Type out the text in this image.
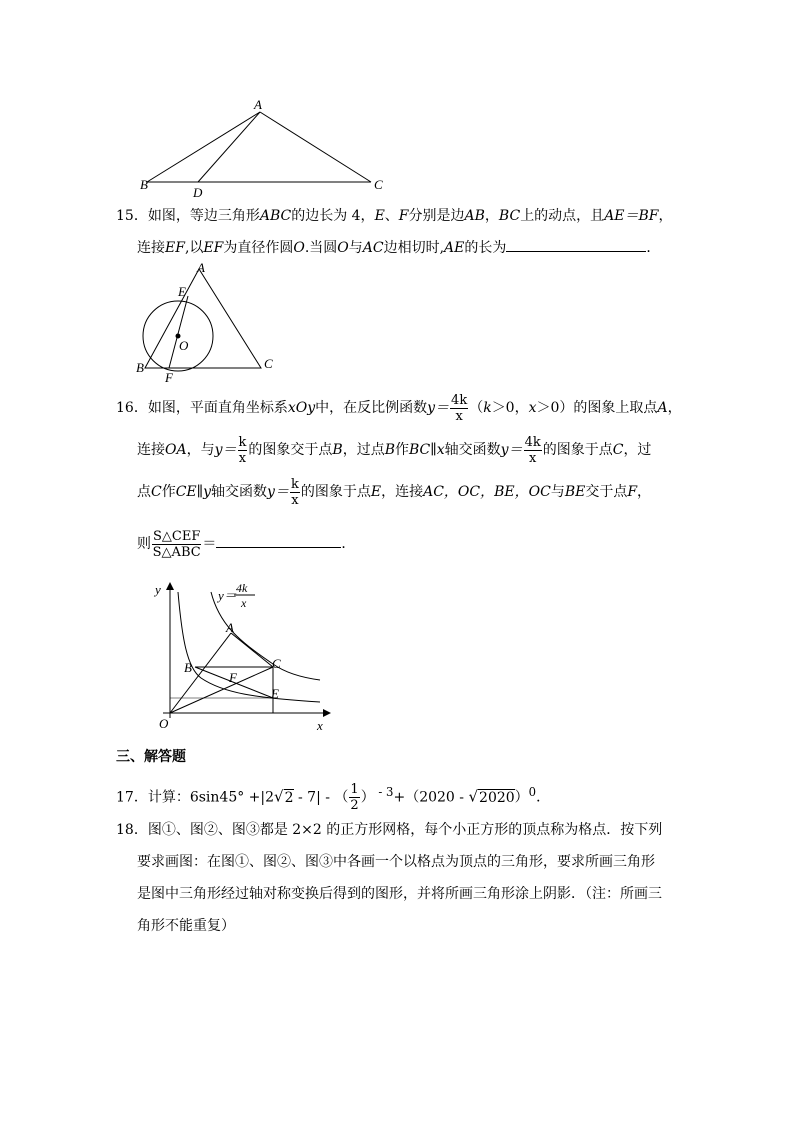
A
B
D
C
15．如图，等边三角形ABC的边长为 4，E、F分别是边AB，BC上的动点，且AE＝BF，
连接EF,以EF为直径作圆O.当圆O与AC边相切时,AE的长为	．
A
E
O
B
F
C
16．如图，平面直角坐标系xOy中，在反比例函数$y= \frac{4k}{x} (k>0$，x＞0）的图象上取点A，
连接OA，与$y= \frac{k}{x}$ 的图象交于点B，过点B作BC∥x轴交函数$y= \frac{4k}{x}$ 的图象于点C，过
点C作CE∥y轴交函数$y= \frac{k}{x}$ 的图象于点E，连接AC，OC，BE，OC与BE交于点F，
则 $\frac{\text{S△CEF}}{\text{S△ABC}}$ ＝	．
y
x
O
A
B	C
E
F
y＝ 4k
x
三、解答题
17．计算：6sin45° +|2√2 - 7| - （ $\frac{1}{2}$ ） $^{- 3}$+（2020 - √2020）$^0$．
18．图①、图②、图③都是 2×2 的正方形网格，每个小正方形的顶点称为格点．按下列
要求画图：在图①、图②、图③中各画一个以格点为顶点的三角形，要求所画三角形
是图中三角形经过轴对称变换后得到的图形，并将所画三角形涂上阴影．（注：所画三
角形不能重复）
